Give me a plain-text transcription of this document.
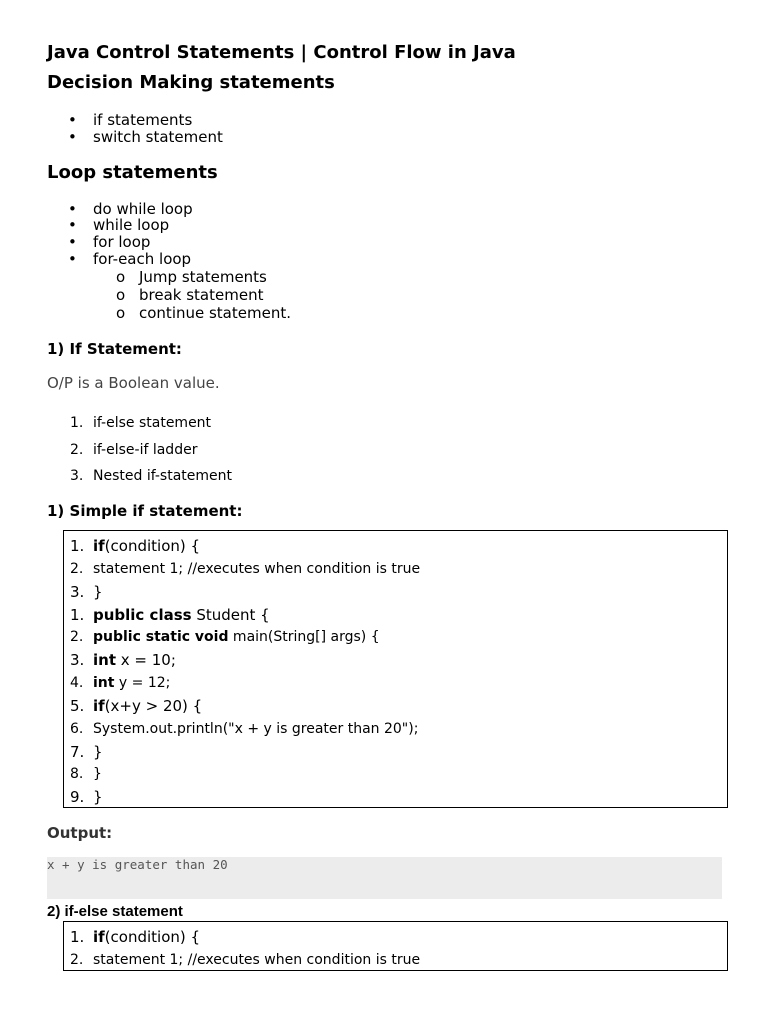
Java Control Statements | Control Flow in Java
Decision Making statements
• if statements
• switch statement
Loop statements
• do while loop
• while loop
• for loop
• for-each loop
o Jump statements
o break statement
o continue statement.
1) If Statement:
O/P is a Boolean value.
1. if-else statement
2. if-else-if ladder
3. Nested if-statement
1) Simple if statement:
1. if(condition) {
2. statement 1; //executes when condition is true
3. }
1. public class Student {
2. public static void main(String[] args) {
3. int x = 10;
4. int y = 12;
5. if(x+y > 20) {
6. System.out.println("x + y is greater than 20");
7. }
8. }
9. }
Output:
x + y is greater than 20
2) if-else statement
1. if(condition) {
2. statement 1; //executes when condition is true
